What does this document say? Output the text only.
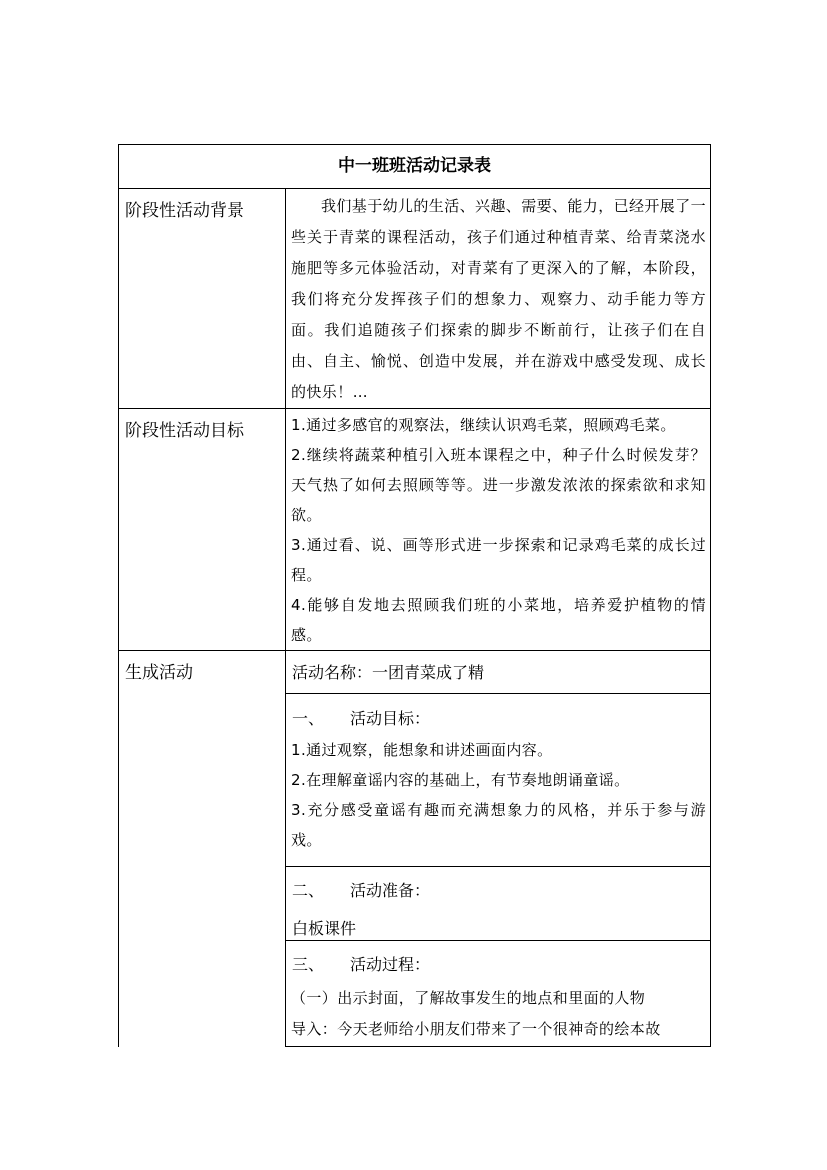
中一班班活动记录表	

阶段性活动背景	我们基于幼儿的生活、兴趣、需要、能力，已经开展了一些关于青菜的课程活动，孩子们通过种植青菜、给青菜浇水施肥等多元体验活动，对青菜有了更深入的了解，本阶段，我们将充分发挥孩子们的想象力、观察力、动手能力等方面。我们追随孩子们探索的脚步不断前行，让孩子们在自由、自主、愉悦、创造中发展，并在游戏中感受发现、成长的快乐！…

阶段性活动目标	1.通过多感官的观察法，继续认识鸡毛菜，照顾鸡毛菜。

2.继续将蔬菜种植引入班本课程之中，种子什么时候发芽？天气热了如何去照顾等等。进一步激发浓浓的探索欲和求知欲。

3.通过看、说、画等形式进一步探索和记录鸡毛菜的成长过程。

4.能够自发地去照顾我们班的小菜地，培养爱护植物的情感。

生成活动	活动名称：一团青菜成了精

	一、 活动目标：

1.通过观察，能想象和讲述画面内容。

2.在理解童谣内容的基础上，有节奏地朗诵童谣。

3.充分感受童谣有趣而充满想象力的风格，并乐于参与游戏。

	二、 活动准备：
白板课件

	三、 活动过程：

（一）出示封面，了解故事发生的地点和里面的人物

导入：今天老师给小朋友们带来了一个很神奇的绘本故
